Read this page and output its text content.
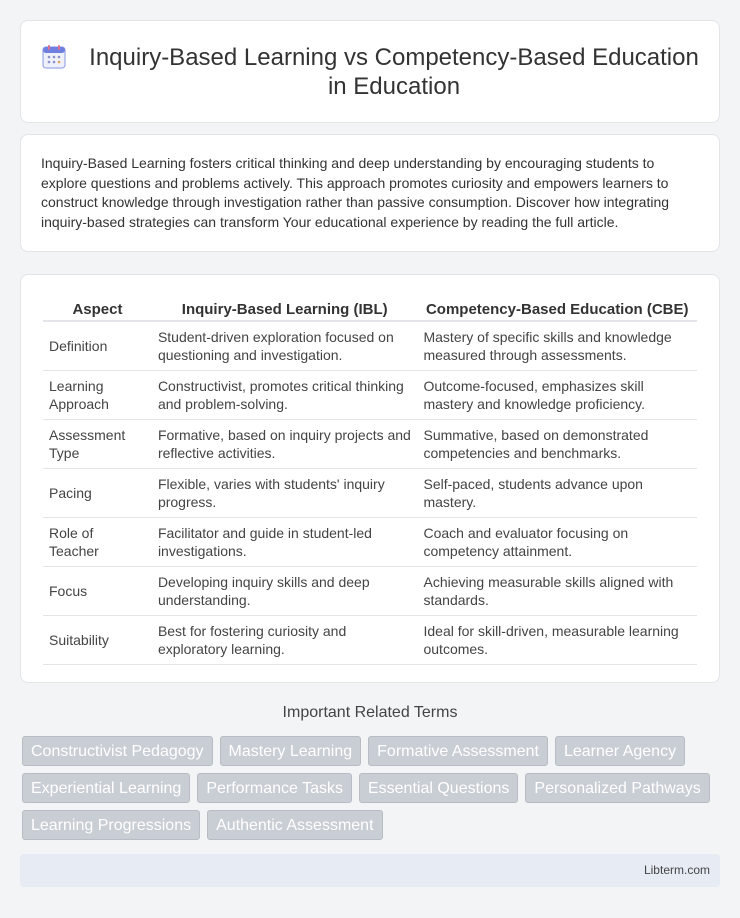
Inquiry-Based Learning vs Competency-Based Education in Education

Inquiry-Based Learning fosters critical thinking and deep understanding by encouraging students to explore questions and problems actively. This approach promotes curiosity and empowers learners to construct knowledge through investigation rather than passive consumption. Discover how integrating inquiry-based strategies can transform Your educational experience by reading the full article.

Aspect	Inquiry-Based Learning (IBL)	Competency-Based Education (CBE)
Definition	Student-driven exploration focused on questioning and investigation.	Mastery of specific skills and knowledge measured through assessments.
Learning Approach	Constructivist, promotes critical thinking and problem-solving.	Outcome-focused, emphasizes skill mastery and knowledge proficiency.
Assessment Type	Formative, based on inquiry projects and reflective activities.	Summative, based on demonstrated competencies and benchmarks.
Pacing	Flexible, varies with students' inquiry progress.	Self-paced, students advance upon mastery.
Role of Teacher	Facilitator and guide in student-led investigations.	Coach and evaluator focusing on competency attainment.
Focus	Developing inquiry skills and deep understanding.	Achieving measurable skills aligned with standards.
Suitability	Best for fostering curiosity and exploratory learning.	Ideal for skill-driven, measurable learning outcomes.
Important Related Terms
Constructivist Pedagogy	Mastery Learning	Formative Assessment	Learner Agency
Experiential Learning	Performance Tasks	Essential Questions	Personalized Pathways
Learning Progressions	Authentic Assessment
Libterm.com
